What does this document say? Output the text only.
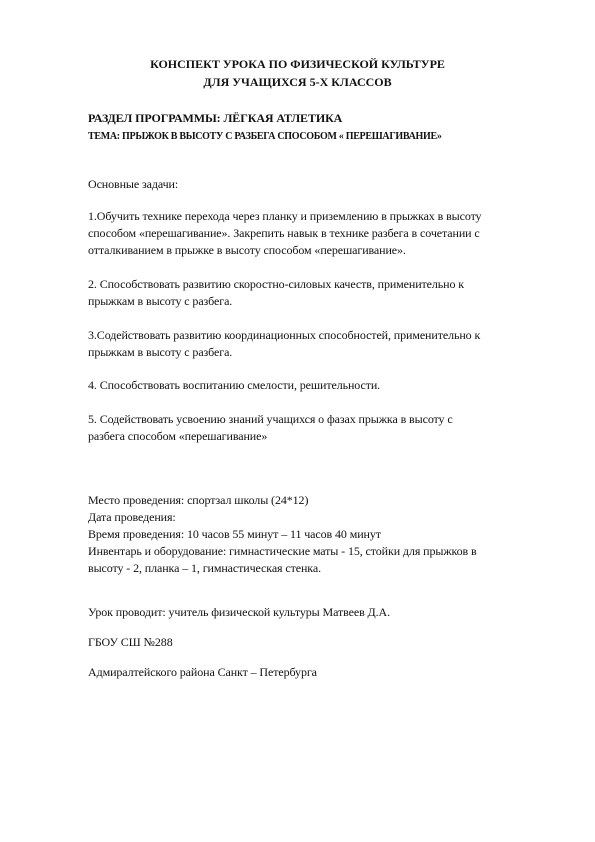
КОНСПЕКТ УРОКА ПО ФИЗИЧЕСКОЙ КУЛЬТУРЕ
ДЛЯ УЧАЩИХСЯ 5-Х КЛАССОВ
РАЗДЕЛ ПРОГРАММЫ: ЛЁГКАЯ АТЛЕТИКА
ТЕМА: ПРЫЖОК В ВЫСОТУ С РАЗБЕГА СПОСОБОМ « ПЕРЕШАГИВАНИЕ»
Основные задачи:
1.Обучить технике перехода через планку и приземлению в прыжках в высоту
способом «перешагивание». Закрепить навык в технике разбега в сочетании с
отталкиванием в прыжке в высоту способом «перешагивание».
2. Способствовать развитию скоростно-силовых качеств, применительно к
прыжкам в высоту с разбега.
3.Содействовать развитию координационных способностей, применительно к
прыжкам в высоту с разбега.
4. Способствовать воспитанию смелости, решительности.
5. Содействовать усвоению знаний учащихся о фазах прыжка в высоту с
разбега способом «перешагивание»
Место проведения: спортзал школы (24*12)
Дата проведения:
Время проведения: 10 часов 55 минут – 11 часов 40 минут
Инвентарь и оборудование: гимнастические маты - 15, стойки для прыжков в
высоту - 2, планка – 1, гимнастическая стенка.
Урок проводит: учитель физической культуры Матвеев Д.А.
ГБОУ СШ №288
Адмиралтейского района Санкт – Петербурга
